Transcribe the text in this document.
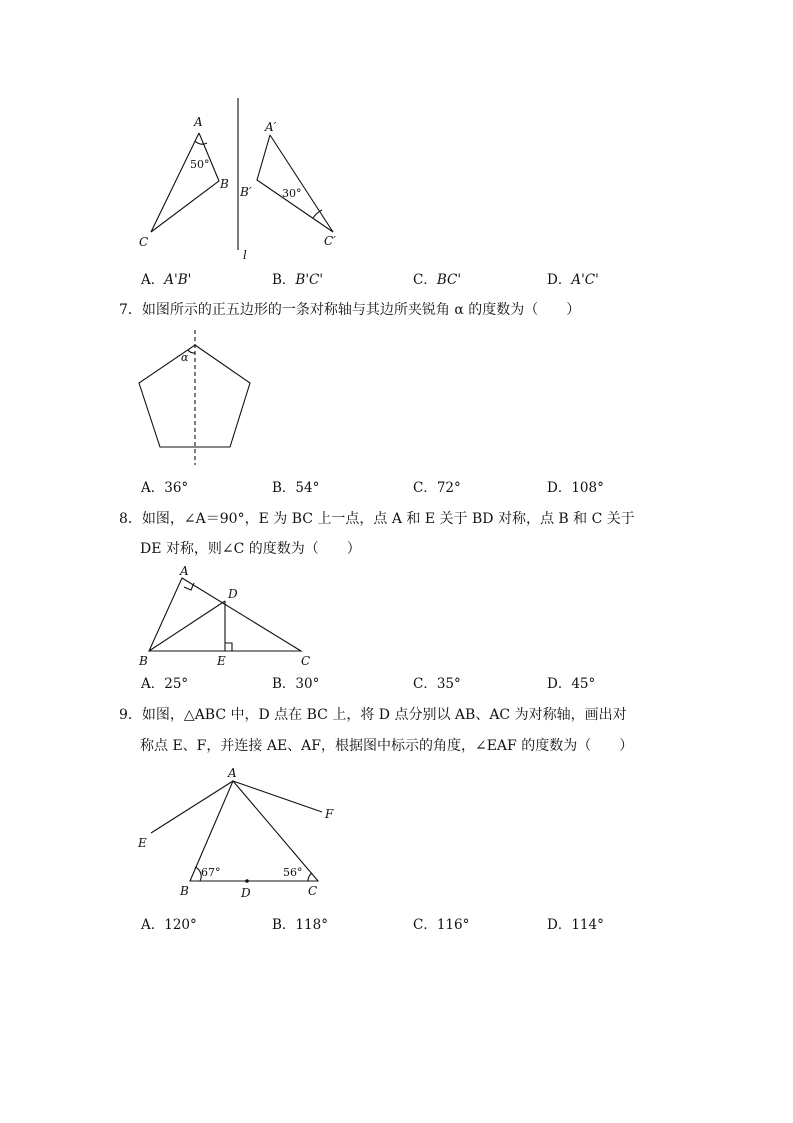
A
B
C
50°
l
A′
B′
C′
30°
A．A'B'	B．B'C'	C．BC'	D．A'C'
7．如图所示的正五边形的一条对称轴与其边所夹锐角 α 的度数为（　　）
α
A．36°	B．54°	C．72°	D．108°
8．如图，∠A＝90°，E 为 BC 上一点，点 A 和 E 关于 BD 对称，点 B 和 C 关于
DE 对称，则∠C 的度数为（　　）
A
D
B	E	C
A．25°	B．30°	C．35°	D．45°
9．如图，△ABC 中，D 点在 BC 上，将 D 点分别以 AB、AC 为对称轴，画出对
称点 E、F，并连接 AE、AF，根据图中标示的角度，∠EAF 的度数为（　　）
A
F
E
67°	56°
B	D	C
A．120°	B．118°	C．116°	D．114°
